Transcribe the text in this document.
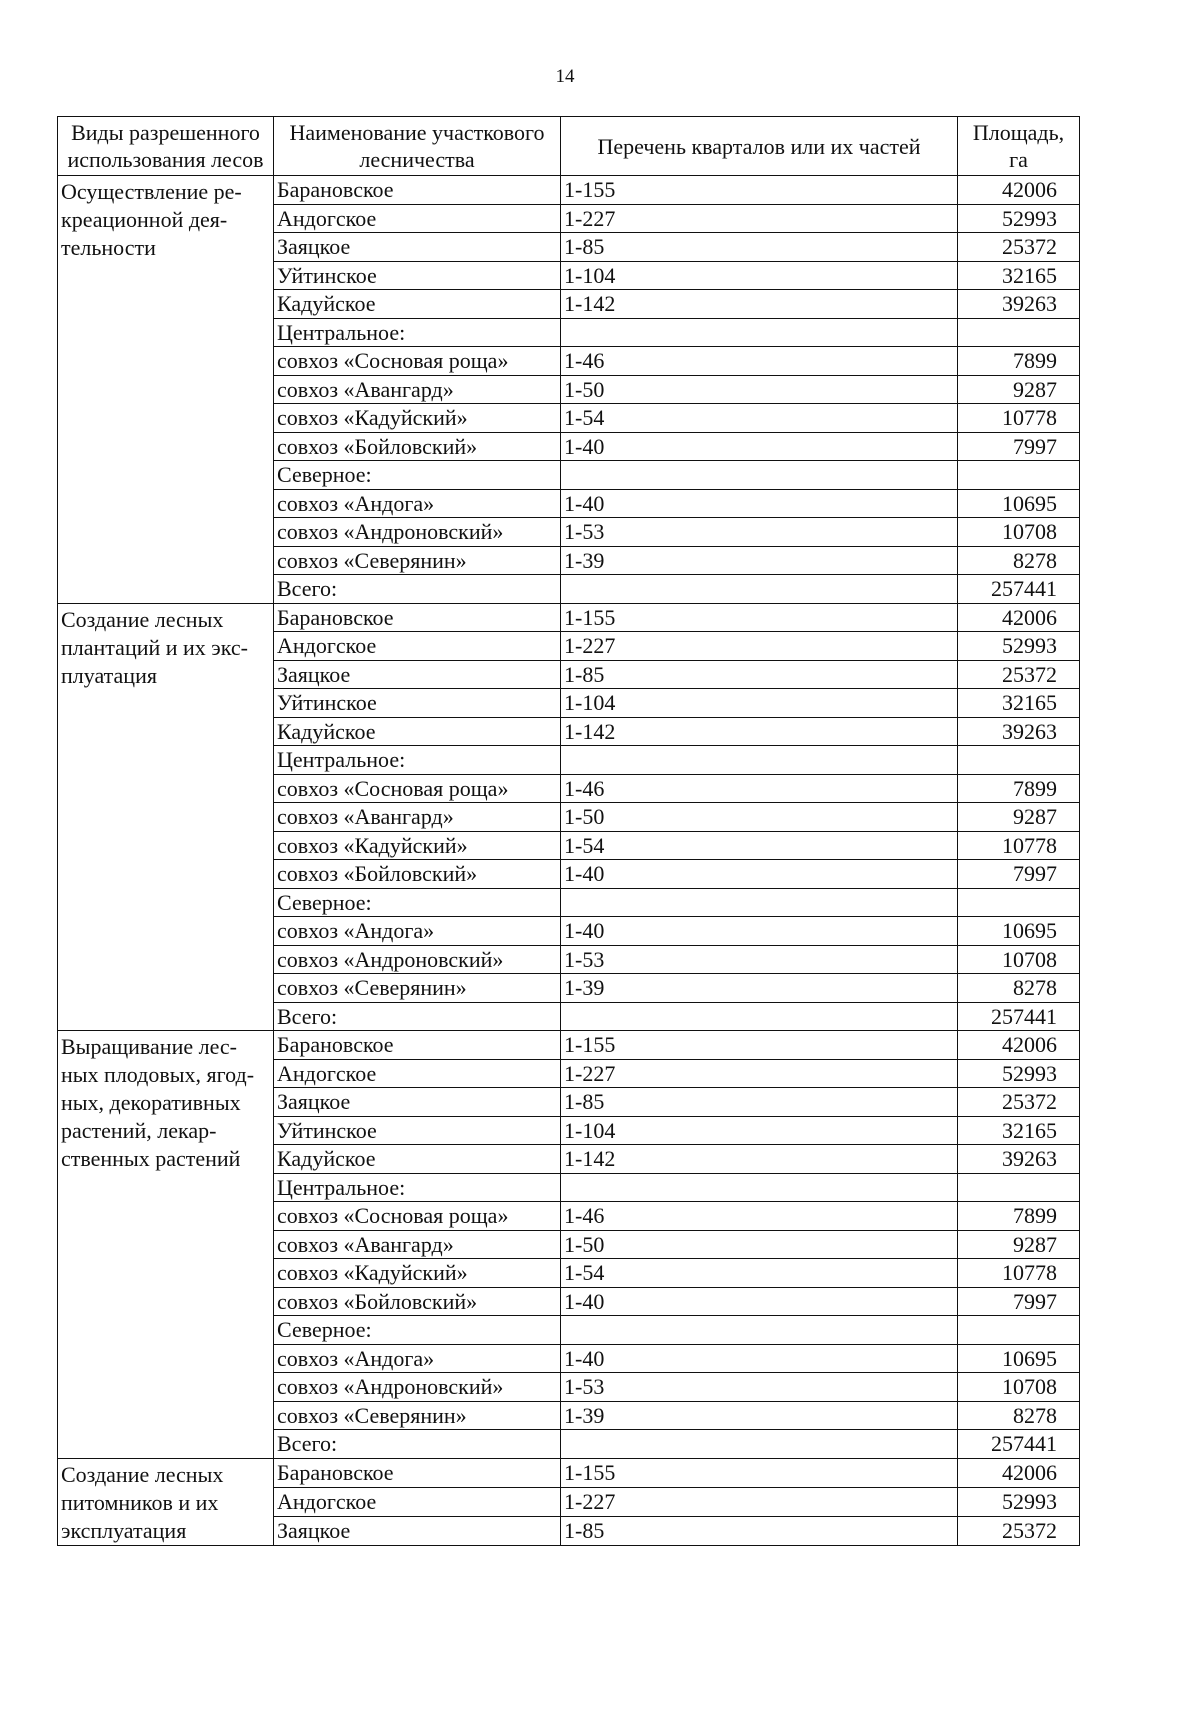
14
Виды разрешенного использования лесов	Наименование участкового лесничества	Перечень кварталов или их частей	Площадь, га
Осуществление ре-креационной дея-тельности	Барановское	1-155	42006
	Андогское	1-227	52993
	Заяцкое	1-85	25372
	Уйтинское	1-104	32165
	Кадуйское	1-142	39263
	Центральное:		
	совхоз «Сосновая роща»	1-46	7899
	совхоз «Авангард»	1-50	9287
	совхоз «Кадуйский»	1-54	10778
	совхоз «Бойловский»	1-40	7997
	Северное:		
	совхоз «Андога»	1-40	10695
	совхоз «Андроновский»	1-53	10708
	совхоз «Северянин»	1-39	8278
	Всего:		257441
Создание лесных плантаций и их экс-плуатация	Барановское	1-155	42006
	Андогское	1-227	52993
	Заяцкое	1-85	25372
	Уйтинское	1-104	32165
	Кадуйское	1-142	39263
	Центральное:		
	совхоз «Сосновая роща»	1-46	7899
	совхоз «Авангард»	1-50	9287
	совхоз «Кадуйский»	1-54	10778
	совхоз «Бойловский»	1-40	7997
	Северное:		
	совхоз «Андога»	1-40	10695
	совхоз «Андроновский»	1-53	10708
	совхоз «Северянин»	1-39	8278
	Всего:		257441
Выращивание лес-ных плодовых, ягод-ных, декоративных растений, лекар-ственных растений	Барановское	1-155	42006
	Андогское	1-227	52993
	Заяцкое	1-85	25372
	Уйтинское	1-104	32165
	Кадуйское	1-142	39263
	Центральное:		
	совхоз «Сосновая роща»	1-46	7899
	совхоз «Авангард»	1-50	9287
	совхоз «Кадуйский»	1-54	10778
	совхоз «Бойловский»	1-40	7997
	Северное:		
	совхоз «Андога»	1-40	10695
	совхоз «Андроновский»	1-53	10708
	совхоз «Северянин»	1-39	8278
	Всего:		257441
Создание лесных питомников и их эксплуатация	Барановское	1-155	42006
	Андогское	1-227	52993
	Заяцкое	1-85	25372
